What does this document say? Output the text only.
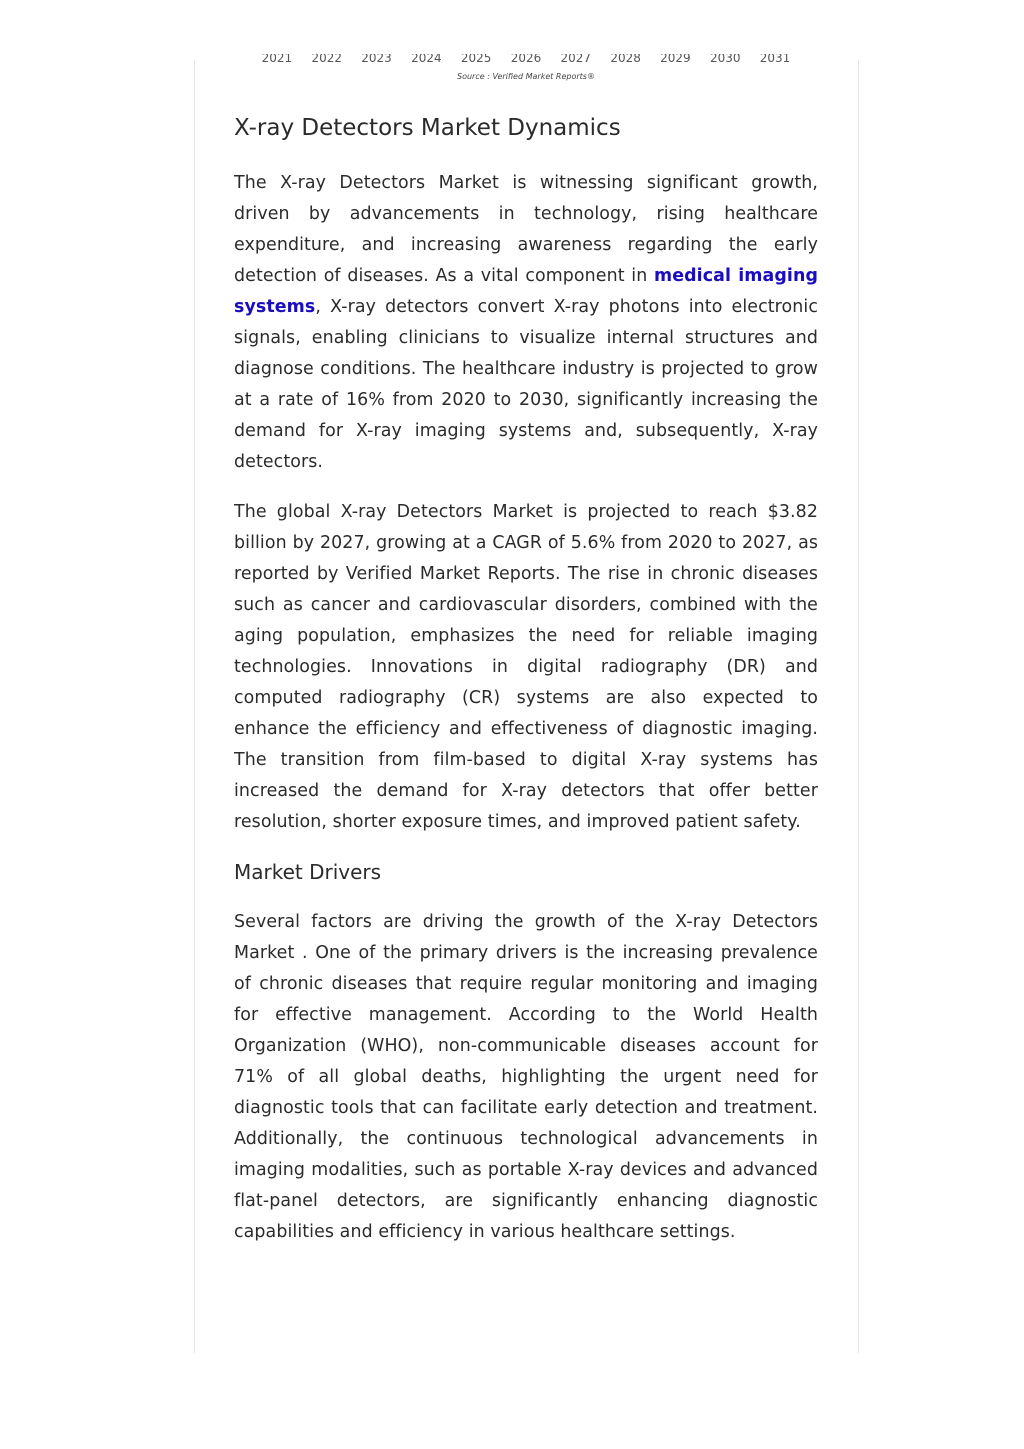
2021 2022 2023 2024 2025 2026 2027 2028 2029 2030 2031
Source : Verified Market Reports®
X-ray Detectors Market Dynamics

The X-ray Detectors Market is witnessing significant growth, driven by advancements in technology, rising healthcare expenditure, and increasing awareness regarding the early detection of diseases. As a vital component in medical imaging systems, X-ray detectors convert X-ray photons into electronic signals, enabling clinicians to visualize internal structures and diagnose conditions. The healthcare industry is projected to grow at a rate of 16% from 2020 to 2030, significantly increasing the demand for X-ray imaging systems and, subsequently, X-ray detectors.

The global X-ray Detectors Market is projected to reach $3.82 billion by 2027, growing at a CAGR of 5.6% from 2020 to 2027, as reported by Verified Market Reports. The rise in chronic diseases such as cancer and cardiovascular disorders, combined with the aging population, emphasizes the need for reliable imaging technologies. Innovations in digital radiography (DR) and computed radiography (CR) systems are also expected to enhance the efficiency and effectiveness of diagnostic imaging. The transition from film-based to digital X-ray systems has increased the demand for X-ray detectors that offer better resolution, shorter exposure times, and improved patient safety.

Market Drivers

Several factors are driving the growth of the X-ray Detectors Market . One of the primary drivers is the increasing prevalence of chronic diseases that require regular monitoring and imaging for effective management. According to the World Health Organization (WHO), non-communicable diseases account for 71% of all global deaths, highlighting the urgent need for diagnostic tools that can facilitate early detection and treatment. Additionally, the continuous technological advancements in imaging modalities, such as portable X-ray devices and advanced flat-panel detectors, are significantly enhancing diagnostic capabilities and efficiency in various healthcare settings.
